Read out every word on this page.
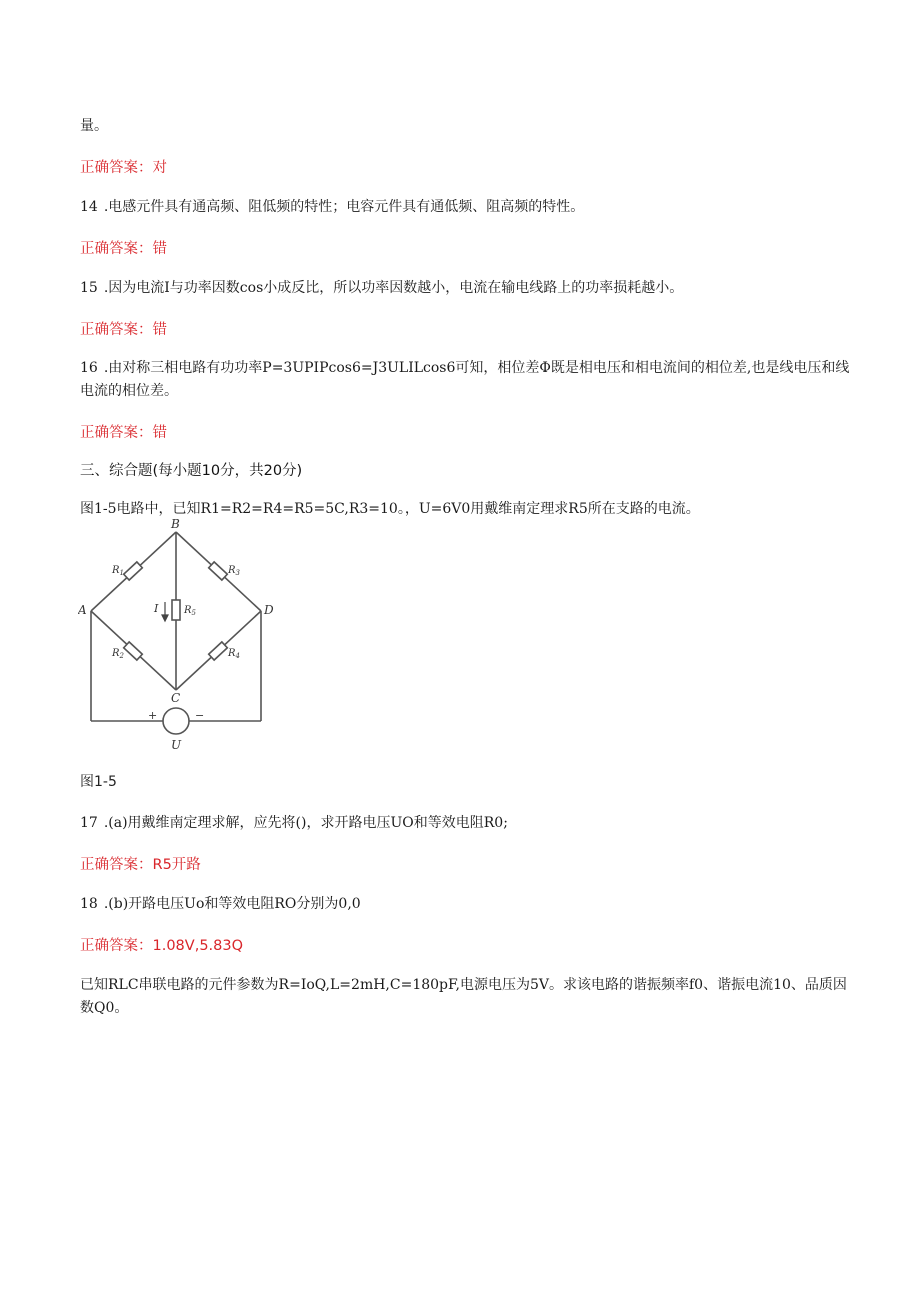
量。
正确答案：对
14 .电感元件具有通高频、阻低频的特性；电容元件具有通低频、阻高频的特性。
正确答案：错
15 .因为电流I与功率因数cos小成反比，所以功率因数越小，电流在输电线路上的功率损耗越小。
正确答案：错
16 .由对称三相电路有功功率P=3UPIPcos6=J3ULILcos6可知，相位差Φ既是相电压和相电流间的相位差,也是线电压和线电流的相位差。
正确答案：错
三、综合题(每小题10分，共20分)
图1-5电路中，已知R1=R2=R4=R5=5C,R3=10。，U=6V0用戴维南定理求R5所在支路的电流。
B
A	D
C
$R_1$	$R_3$
$R_2$	$R_4$
$R_5$
I
+	−
U
图1-5
17 .(a)用戴维南定理求解，应先将()，求开路电压UO和等效电阻R0;
正确答案：R5开路
18 .(b)开路电压Uo和等效电阻RO分别为0,0
正确答案：1.08V,5.83Q
已知RLC串联电路的元件参数为R=IoQ,L=2mH,C=180pF,电源电压为5V。求该电路的谐振频率f0、谐振电流10、品质因数Q0。
